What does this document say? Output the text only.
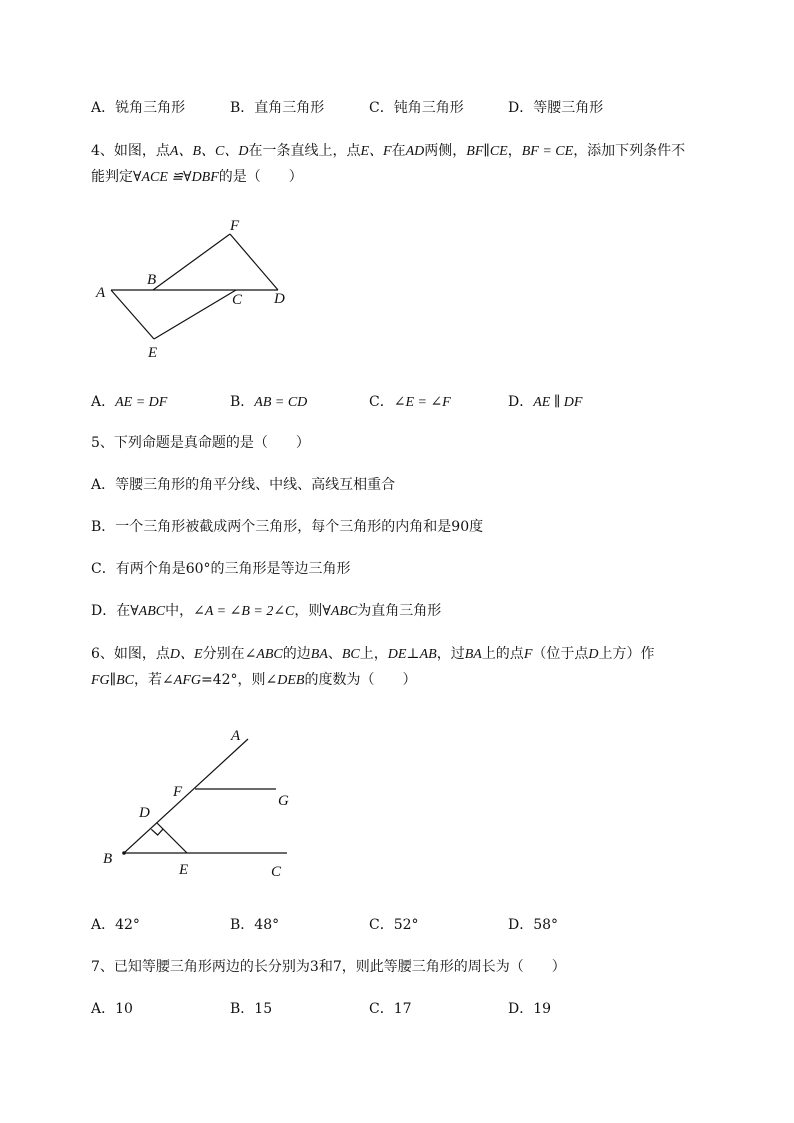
A．锐角三角形	B．直角三角形	C．钝角三角形	D．等腰三角形
4、如图，点A、B、C、D在一条直线上，点E、F在AD两侧，BF∥CE，BF = CE，添加下列条件不
能判定∀ACE ≌∀DBF的是（　　）
A
B
C D
E
F
A．AE = DF	B．AB = CD	C．∠E = ∠F	D．AE ∥ DF
5、下列命题是真命题的是（　　）
A．等腰三角形的角平分线、中线、高线互相重合
B．一个三角形被截成两个三角形，每个三角形的内角和是90度
C．有两个角是60°的三角形是等边三角形
D．在∀ABC中，∠A = ∠B = 2∠C，则∀ABC为直角三角形
6、如图，点D、E分别在∠ABC的边BA、BC上，DE⊥AB，过BA上的点F（位于点D上方）作
FG∥BC，若∠AFG=42°，则∠DEB的度数为（　　）
A
F
G
D
B
E	C
A．42°	B．48°	C．52°	D．58°
7、已知等腰三角形两边的长分别为3和7，则此等腰三角形的周长为（　　）
A．10	B．15	C．17	D．19
